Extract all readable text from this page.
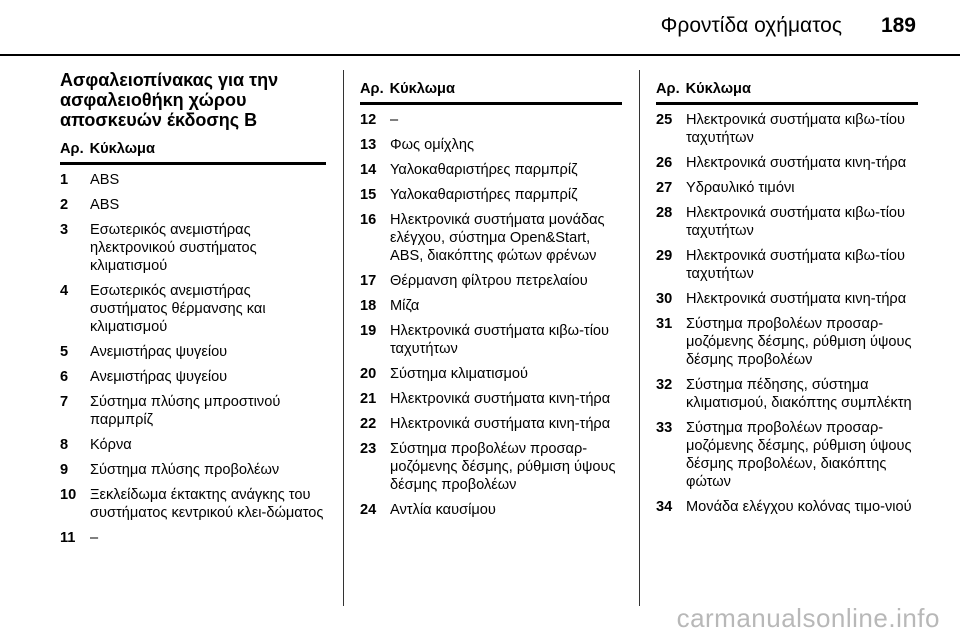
Φροντίδα οχήματος 189
Ασφαλειοπίνακας για την ασφαλειοθήκη χώρου αποσκευών έκδοσης Β
Αρ. Κύκλωμα
1	ABS
2	ABS
3	Εσωτερικός ανεμιστήρας ηλεκτρονικού συστήματος κλιματισμού
4	Εσωτερικός ανεμιστήρας συστήματος θέρμανσης και κλιματισμού
5	Ανεμιστήρας ψυγείου
6	Ανεμιστήρας ψυγείου
7	Σύστημα πλύσης μπροστινού παρμπρίζ
8	Κόρνα
9	Σύστημα πλύσης προβολέων
10 Ξεκλείδωμα έκτακτης ανάγκης του συστήματος κεντρικού κλει-δώματος
11 –
Αρ. Κύκλωμα
12 –
13 Φως ομίχλης
14 Υαλοκαθαριστήρες παρμπρίζ
15 Υαλοκαθαριστήρες παρμπρίζ
16 Ηλεκτρονικά συστήματα μονάδας ελέγχου, σύστημα Open&Start, ABS, διακόπτης φώτων φρένων
17 Θέρμανση φίλτρου πετρελαίου
18 Μίζα
19 Ηλεκτρονικά συστήματα κιβω-τίου ταχυτήτων
20 Σύστημα κλιματισμού
21 Ηλεκτρονικά συστήματα κινη-τήρα
22 Ηλεκτρονικά συστήματα κινη-τήρα
23 Σύστημα προβολέων προσαρ-μοζόμενης δέσμης, ρύθμιση ύψους δέσμης προβολέων
24 Αντλία καυσίμου
Αρ. Κύκλωμα
25 Ηλεκτρονικά συστήματα κιβω-τίου ταχυτήτων
26 Ηλεκτρονικά συστήματα κινη-τήρα
27 Υδραυλικό τιμόνι
28 Ηλεκτρονικά συστήματα κιβω-τίου ταχυτήτων
29 Ηλεκτρονικά συστήματα κιβω-τίου ταχυτήτων
30 Ηλεκτρονικά συστήματα κινη-τήρα
31 Σύστημα προβολέων προσαρ-μοζόμενης δέσμης, ρύθμιση ύψους δέσμης προβολέων
32 Σύστημα πέδησης, σύστημα κλιματισμού, διακόπτης συμπλέκτη
33 Σύστημα προβολέων προσαρ-μοζόμενης δέσμης, ρύθμιση ύψους δέσμης προβολέων, διακόπτης φώτων
34 Μονάδα ελέγχου κολόνας τιμο-νιού
carmanualsonline.info
